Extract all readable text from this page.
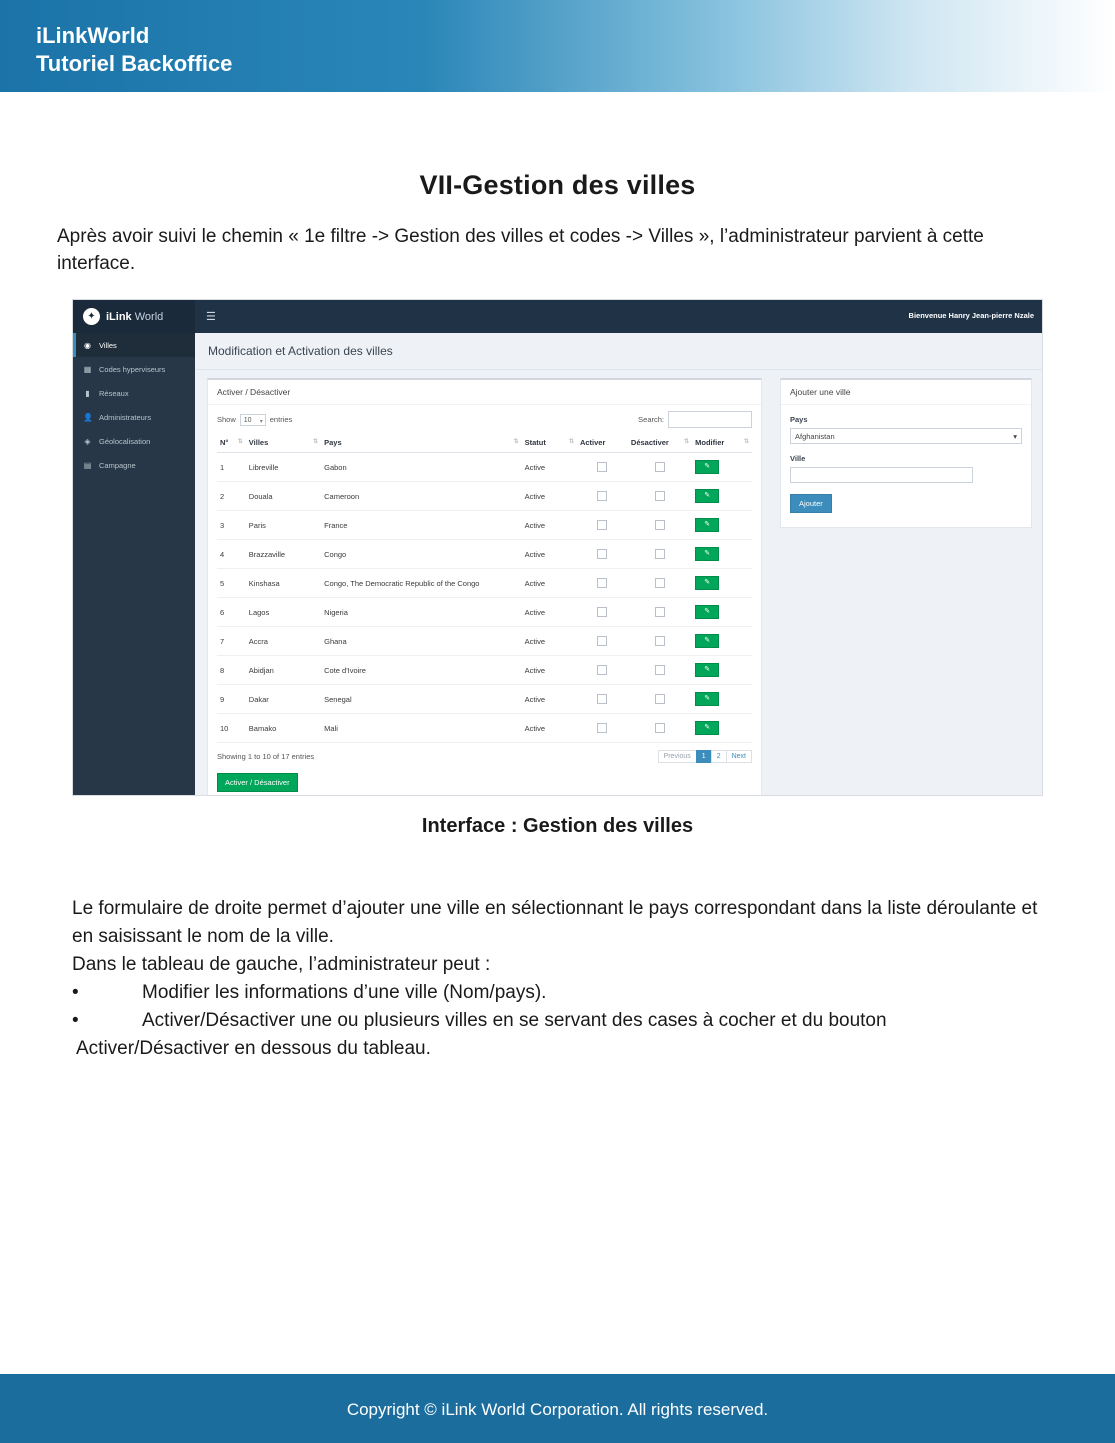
iLinkWorld
Tutoriel Backoffice
VII-Gestion des villes

Après avoir suivi le chemin « 1e filtre -> Gestion des villes et codes -> Villes », l’administrateur parvient à cette interface.

✦ iLink World	☰	Bienvenue Hanry Jean-pierre Nzale
◉ Villes
▦ Codes hyperviseurs
▮	Réseaux
👤 Administrateurs
◈ Géolocalisation
▤ Campagne
Modification et Activation des villes
Activer / Désactiver
Show	10 ▾ entries	Search:
N° ⇅	Villes ⇅	Pays ⇅	Statut ⇅	Activer	Désactiver ⇅	Modifier ⇅

1	Libreville	Gabon	Active			✎
2	Douala	Cameroon	Active			✎
3	Paris	France	Active			✎
4	Brazzaville	Congo	Active			✎
5	Kinshasa	Congo, The Democratic Republic of the Congo	Active			✎
6	Lagos	Nigeria	Active			✎
7	Accra	Ghana	Active			✎
8	Abidjan	Cote d'Ivoire	Active			✎
9	Dakar	Senegal	Active			✎
10	Bamako	Mali	Active			✎
Showing 1 to 10 of 17 entries	Previous	1	2	Next
Activer / Désactiver
Ajouter une ville
Pays
Afghanistan	▾
Ville
Ajouter
Interface : Gestion des villes
Le formulaire de droite permet d’ajouter une ville en sélectionnant le pays correspondant dans la liste déroulante et en saisissant le nom de la ville.
Dans le tableau de gauche, l’administrateur peut :
•	Modifier les informations d’une ville (Nom/pays).
•	Activer/Désactiver une ou plusieurs villes en se servant des cases à cocher et du bouton
Activer/Désactiver en dessous du tableau.
Copyright © iLink World Corporation. All rights reserved.
